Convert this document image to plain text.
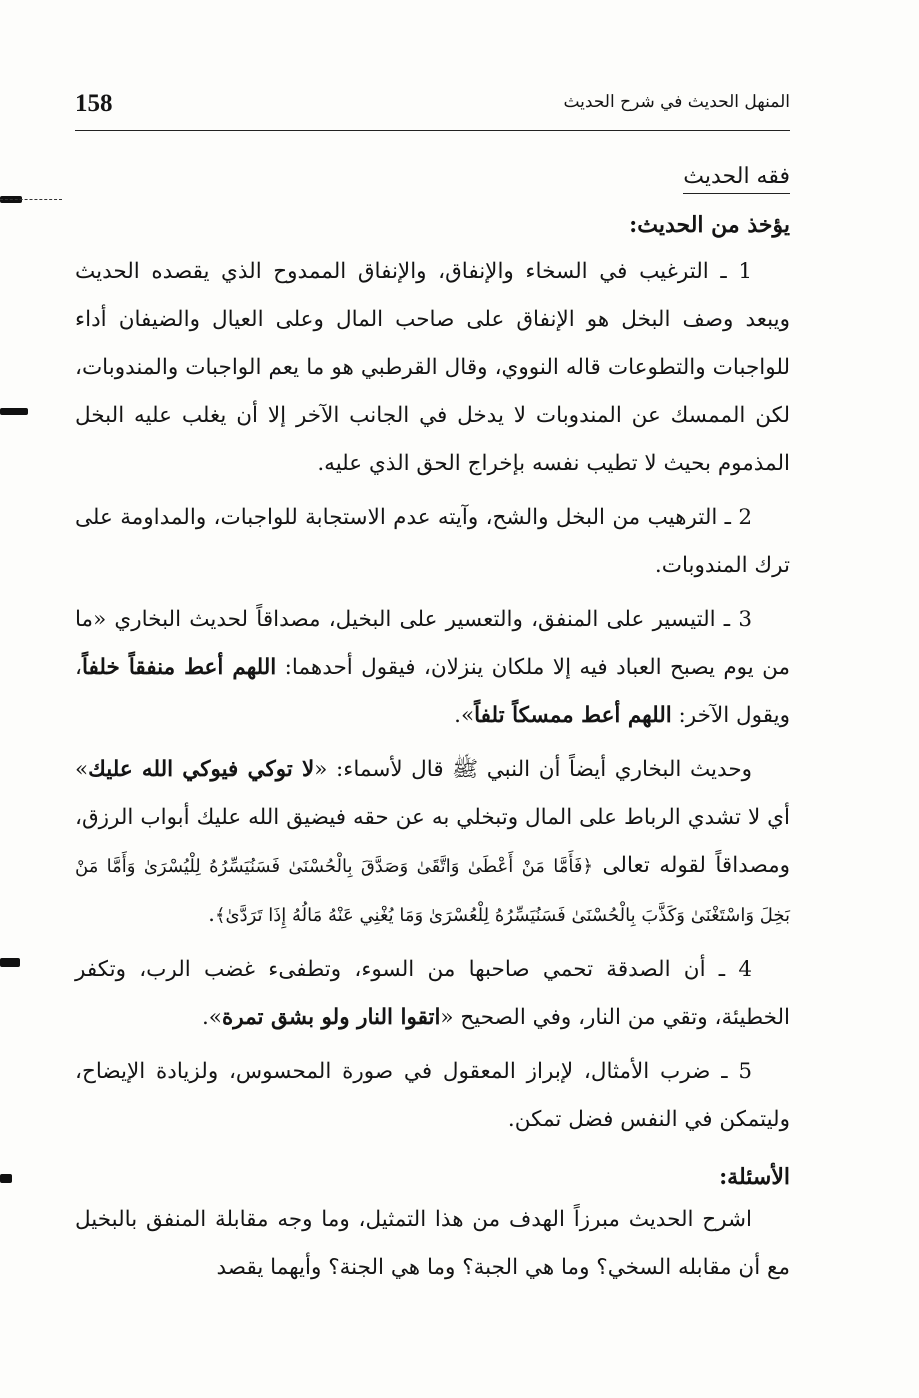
158	المنهل الحديث في شرح الحديث
فقه الحديث
يؤخذ من الحديث:

1 ـ الترغيب في السخاء والإنفاق، والإنفاق الممدوح الذي يقصده الحديث ويبعد وصف البخل هو الإنفاق على صاحب المال وعلى العيال والضيفان أداء للواجبات والتطوعات قاله النووي، وقال القرطبي هو ما يعم الواجبات والمندوبات، لكن الممسك عن المندوبات لا يدخل في الجانب الآخر إلا أن يغلب عليه البخل المذموم بحيث لا تطيب نفسه بإخراج الحق الذي عليه.

2 ـ الترهيب من البخل والشح، وآيته عدم الاستجابة للواجبات، والمداومة على ترك المندوبات.

3 ـ التيسير على المنفق، والتعسير على البخيل، مصداقاً لحديث البخاري «ما من يوم يصبح العباد فيه إلا ملكان ينزلان، فيقول أحدهما: اللهم أعط منفقاً خلفاً، ويقول الآخر: اللهم أعط ممسكاً تلفاً».

وحديث البخاري أيضاً أن النبي ﷺ قال لأسماء: «لا توكي فيوكي الله عليك» أي لا تشدي الرباط على المال وتبخلي به عن حقه فيضيق الله عليك أبواب الرزق، ومصداقاً لقوله تعالى ﴿فَأَمَّا مَنْ أَعْطَىٰ وَاتَّقَىٰ وَصَدَّقَ بِالْحُسْنَىٰ فَسَنُيَسِّرُهُ لِلْيُسْرَىٰ وَأَمَّا مَنْ بَخِلَ وَاسْتَغْنَىٰ وَكَذَّبَ بِالْحُسْنَىٰ فَسَنُيَسِّرُهُ لِلْعُسْرَىٰ وَمَا يُغْنِي عَنْهُ مَالُهُ إِذَا تَرَدَّىٰ﴾.

4 ـ أن الصدقة تحمي صاحبها من السوء، وتطفىء غضب الرب، وتكفر الخطيئة، وتقي من النار، وفي الصحيح «اتقوا النار ولو بشق تمرة».

5 ـ ضرب الأمثال، لإبراز المعقول في صورة المحسوس، ولزيادة الإيضاح، وليتمكن في النفس فضل تمكن.

الأسئلة:

اشرح الحديث مبرزاً الهدف من هذا التمثيل، وما وجه مقابلة المنفق بالبخيل مع أن مقابله السخي؟ وما هي الجبة؟ وما هي الجنة؟ وأيهما يقصد
